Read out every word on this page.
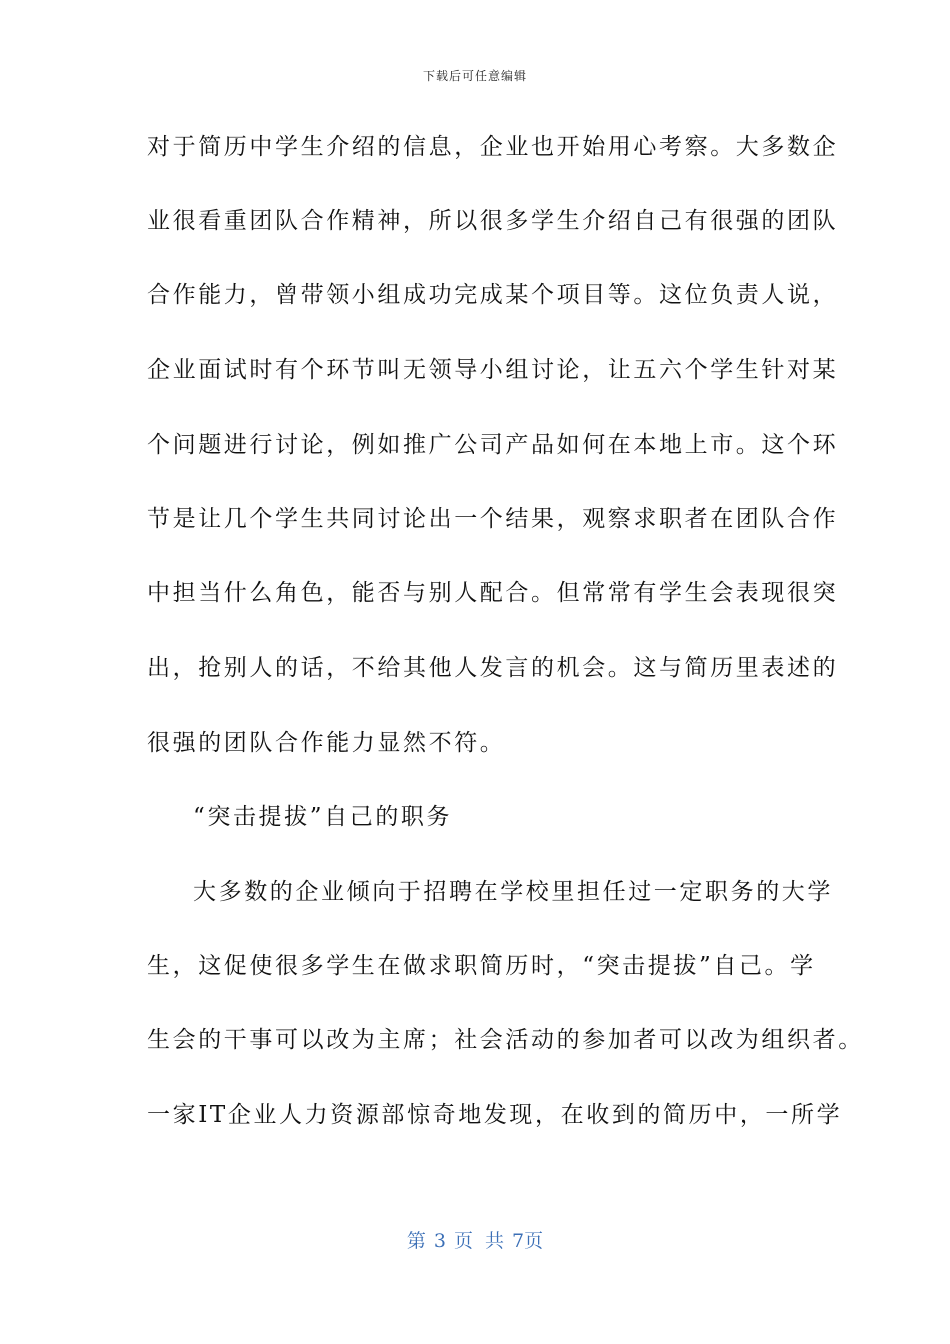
下载后可任意编辑
对于简历中学生介绍的信息，企业也开始用心考察。大多数企
业很看重团队合作精神，所以很多学生介绍自己有很强的团队
合作能力，曾带领小组成功完成某个项目等。这位负责人说，
企业面试时有个环节叫无领导小组讨论，让五六个学生针对某
个问题进行讨论，例如推广公司产品如何在本地上市。这个环
节是让几个学生共同讨论出一个结果，观察求职者在团队合作
中担当什么角色，能否与别人配合。但常常有学生会表现很突
出，抢别人的话，不给其他人发言的机会。这与简历里表述的
很强的团队合作能力显然不符。
“突击提拔”自己的职务
大多数的企业倾向于招聘在学校里担任过一定职务的大学
生，这促使很多学生在做求职简历时，“突击提拔”自己。学
生会的干事可以改为主席；社会活动的参加者可以改为组织者。
一家IT企业人力资源部惊奇地发现，在收到的简历中，一所学
第 3 页 共 7页
